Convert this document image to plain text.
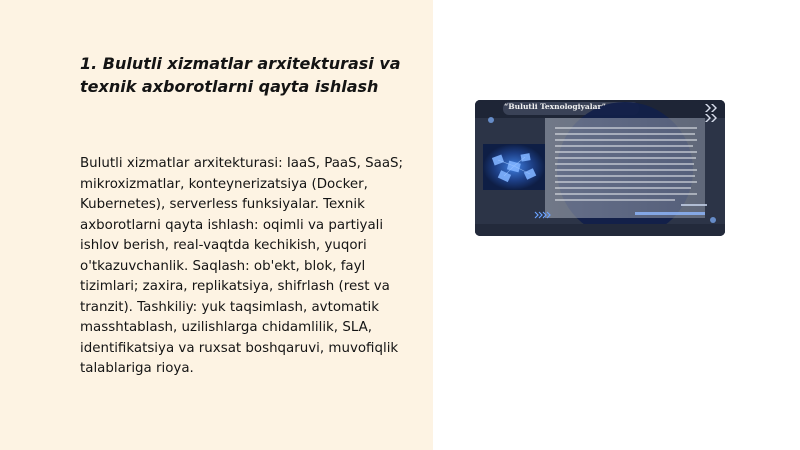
1. Bulutli xizmatlar arxitekturasi va texnik axborotlarni qayta ishlash

Bulutli xizmatlar arxitekturasi: IaaS, PaaS, SaaS; mikroxizmatlar, konteynerizatsiya (Docker, Kubernetes), serverless funksiyalar. Texnik axborotlarni qayta ishlash: oqimli va partiyali ishlov berish, real-vaqtda kechikish, yuqori o'tkazuvchanlik. Saqlash: ob'ekt, blok, fayl tizimlari; zaxira, replikatsiya, shifrlash (rest va tranzit). Tashkiliy: yuk taqsimlash, avtomatik masshtablash, uzilishlarga chidamlilik, SLA, identifikatsiya va ruxsat boshqaruvi, muvofiqlik talablariga rioya.

“Bulutli Texnologiyalar”
